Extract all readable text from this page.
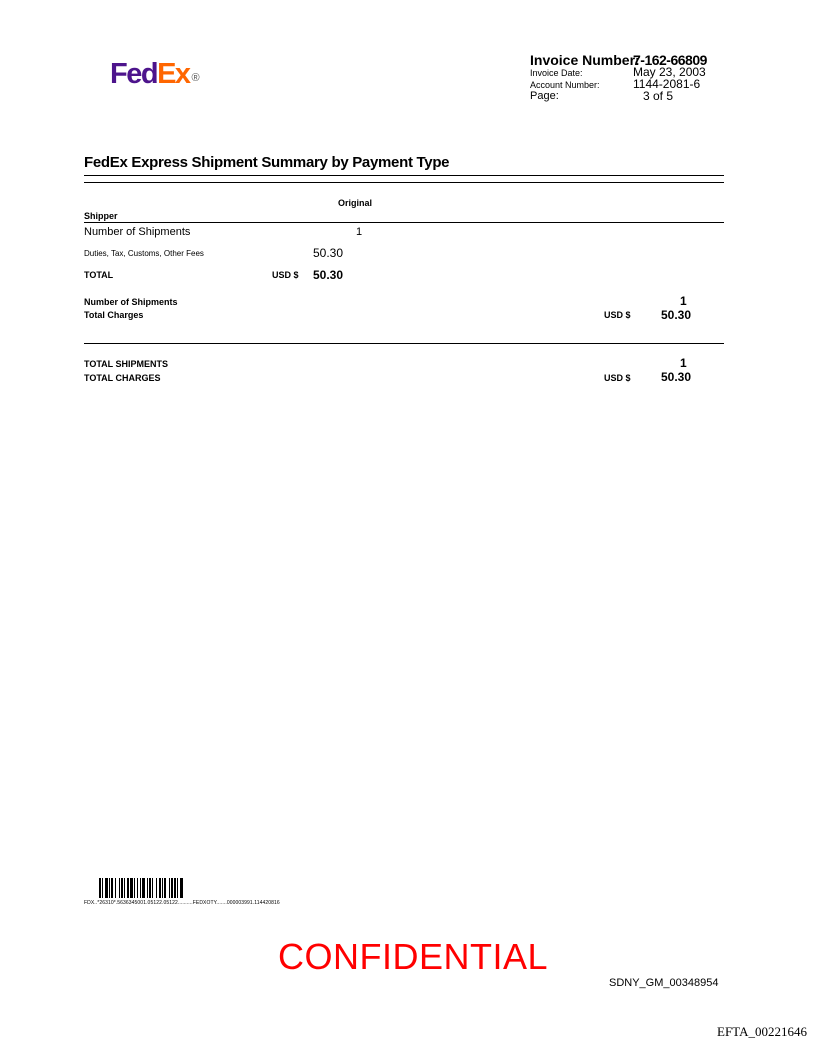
FedEx ®
Invoice Number:
7-162-66809
Invoice Date:	May 23, 2003
Account Number:	1144-2081-6
Page:	3 of 5
FedEx Express Shipment Summary by Payment Type
Original
Shipper
Number of Shipments	1
Duties, Tax, Customs, Other Fees	50.30
TOTAL	USD $ 50.30
Number of Shipments	1
Total Charges	USD $	50.30
TOTAL SHIPMENTS	1
TOTAL CHARGES	USD $	50.30
FDX..*26310*.5636345001.05122.05122..........FEDXOTY.......000003991.114420816
CONFIDENTIAL
SDNY_GM_00348954
EFTA_00221646
